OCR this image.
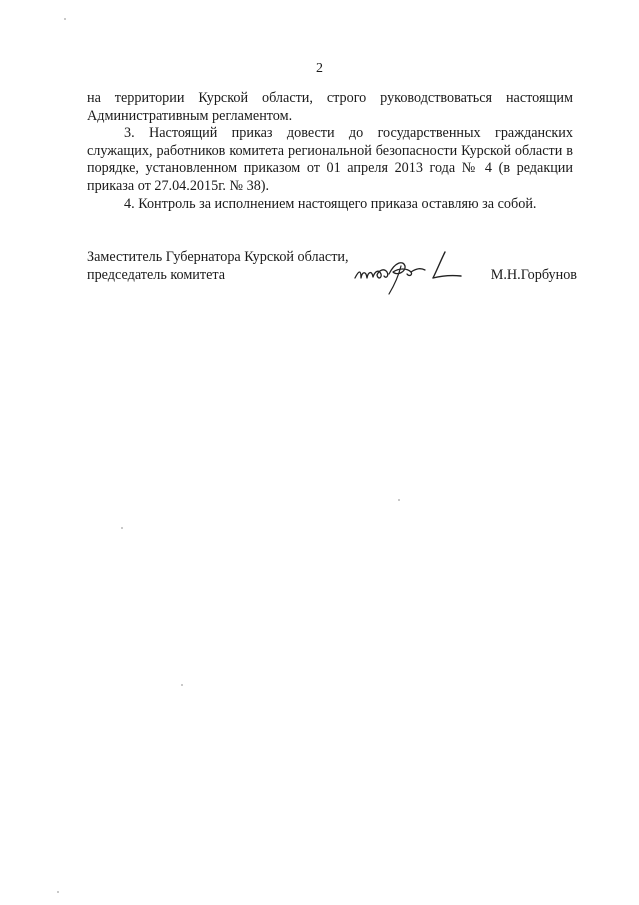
2

на территории Курской области, строго руководствоваться настоящим Административным регламентом.

3. Настоящий приказ довести до государственных гражданских служащих, работников комитета региональной безопасности Курской области в порядке, установленном приказом от 01 апреля 2013 года № 4 (в редакции приказа от 27.04.2015г. № 38).

4. Контроль за исполнением настоящего приказа оставляю за собой.

Заместитель Губернатора Курской области,
председатель комитета	М.Н.Горбунов
